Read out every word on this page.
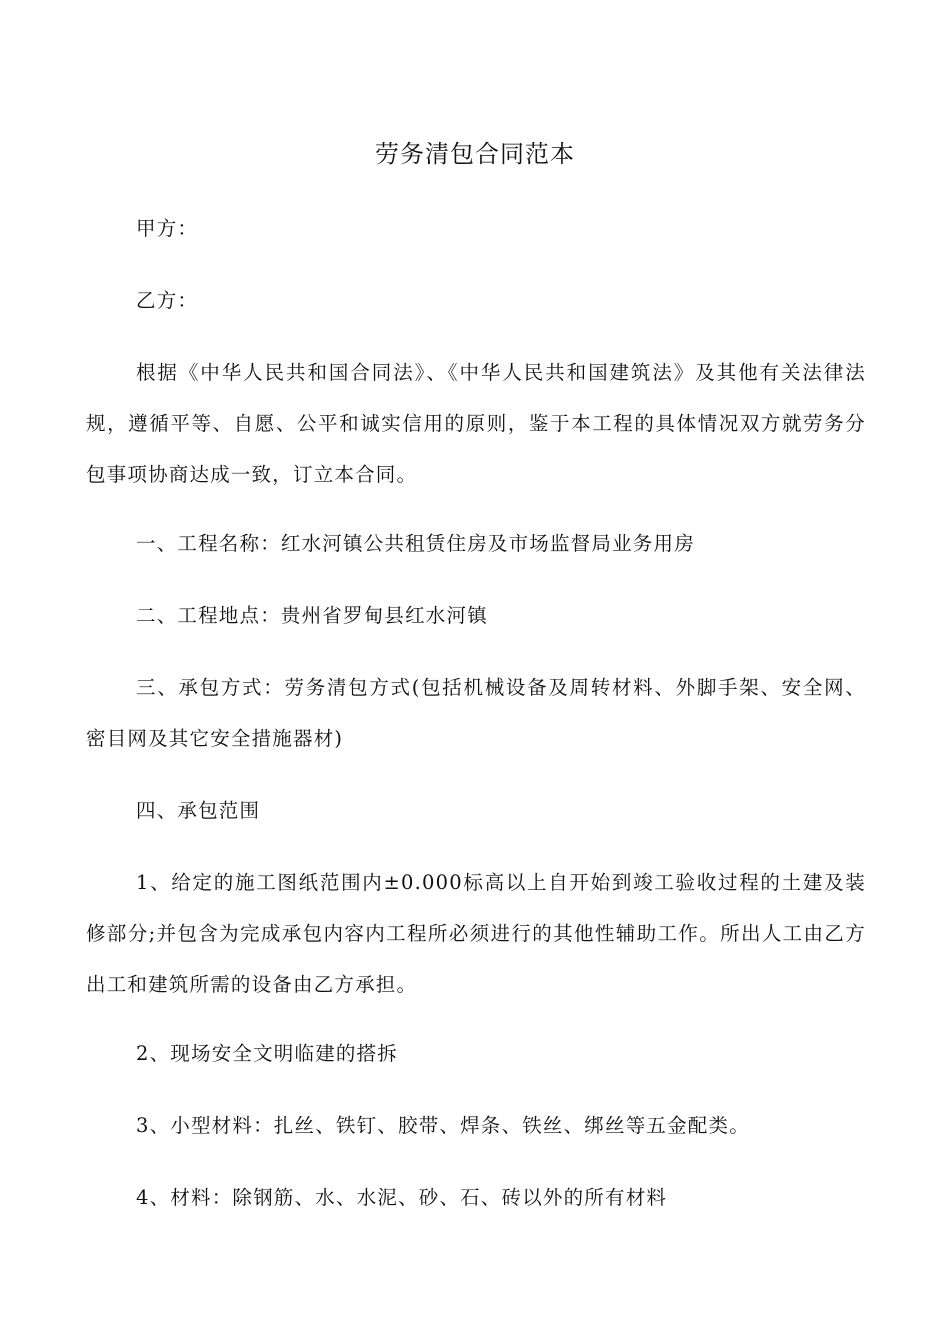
劳务清包合同范本

甲方：

乙方：

根据《中华人民共和国合同法》、《中华人民共和国建筑法》及其他有关法律法规，遵循平等、自愿、公平和诚实信用的原则，鉴于本工程的具体情况双方就劳务分包事项协商达成一致，订立本合同。

一、工程名称：红水河镇公共租赁住房及市场监督局业务用房

二、工程地点：贵州省罗甸县红水河镇

三、承包方式：劳务清包方式(包括机械设备及周转材料、外脚手架、安全网、密目网及其它安全措施器材)

四、承包范围

1、给定的施工图纸范围内±0.000标高以上自开始到竣工验收过程的土建及装修部分;并包含为完成承包内容内工程所必须进行的其他性辅助工作。所出人工由乙方出工和建筑所需的设备由乙方承担。

2、现场安全文明临建的搭拆

3、小型材料：扎丝、铁钉、胶带、焊条、铁丝、绑丝等五金配类。

4、材料：除钢筋、水、水泥、砂、石、砖以外的所有材料
